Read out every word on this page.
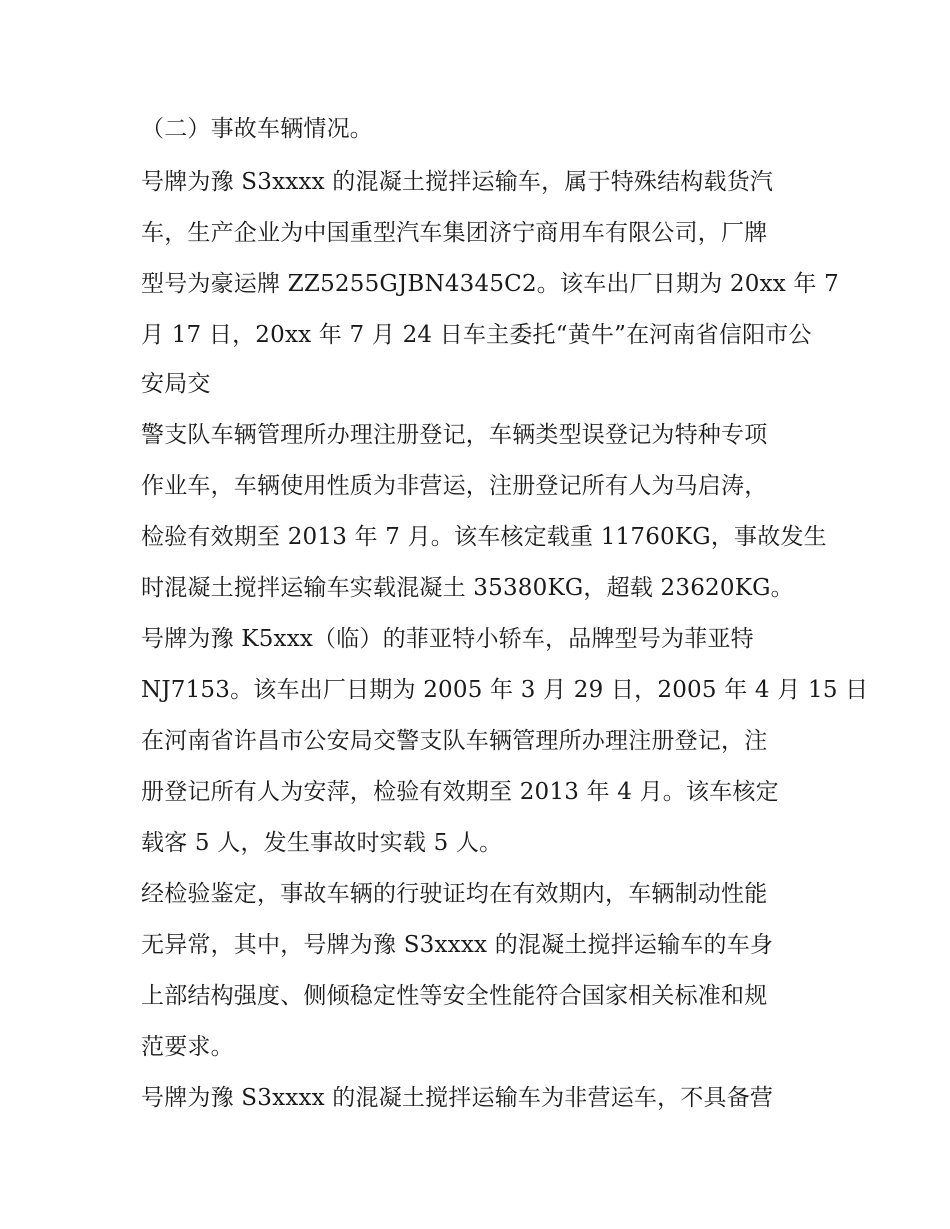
（二）事故车辆情况。
号牌为豫 S3xxxx 的混凝土搅拌运输车，属于特殊结构载货汽
车，生产企业为中国重型汽车集团济宁商用车有限公司，厂牌
型号为豪运牌 ZZ5255GJBN4345C2。该车出厂日期为 20xx 年 7
月 17 日，20xx 年 7 月 24 日车主委托“黄牛”在河南省信阳市公
安局交
警支队车辆管理所办理注册登记，车辆类型误登记为特种专项
作业车，车辆使用性质为非营运，注册登记所有人为马启涛，
检验有效期至 2013 年 7 月。该车核定载重 11760KG，事故发生
时混凝土搅拌运输车实载混凝土 35380KG，超载 23620KG。
号牌为豫 K5xxx（临）的菲亚特小轿车，品牌型号为菲亚特
NJ7153。该车出厂日期为 2005 年 3 月 29 日，2005 年 4 月 15 日
在河南省许昌市公安局交警支队车辆管理所办理注册登记，注
册登记所有人为安萍，检验有效期至 2013 年 4 月。该车核定
载客 5 人，发生事故时实载 5 人。
经检验鉴定，事故车辆的行驶证均在有效期内，车辆制动性能
无异常，其中，号牌为豫 S3xxxx 的混凝土搅拌运输车的车身
上部结构强度、侧倾稳定性等安全性能符合国家相关标准和规
范要求。
号牌为豫 S3xxxx 的混凝土搅拌运输车为非营运车，不具备营
